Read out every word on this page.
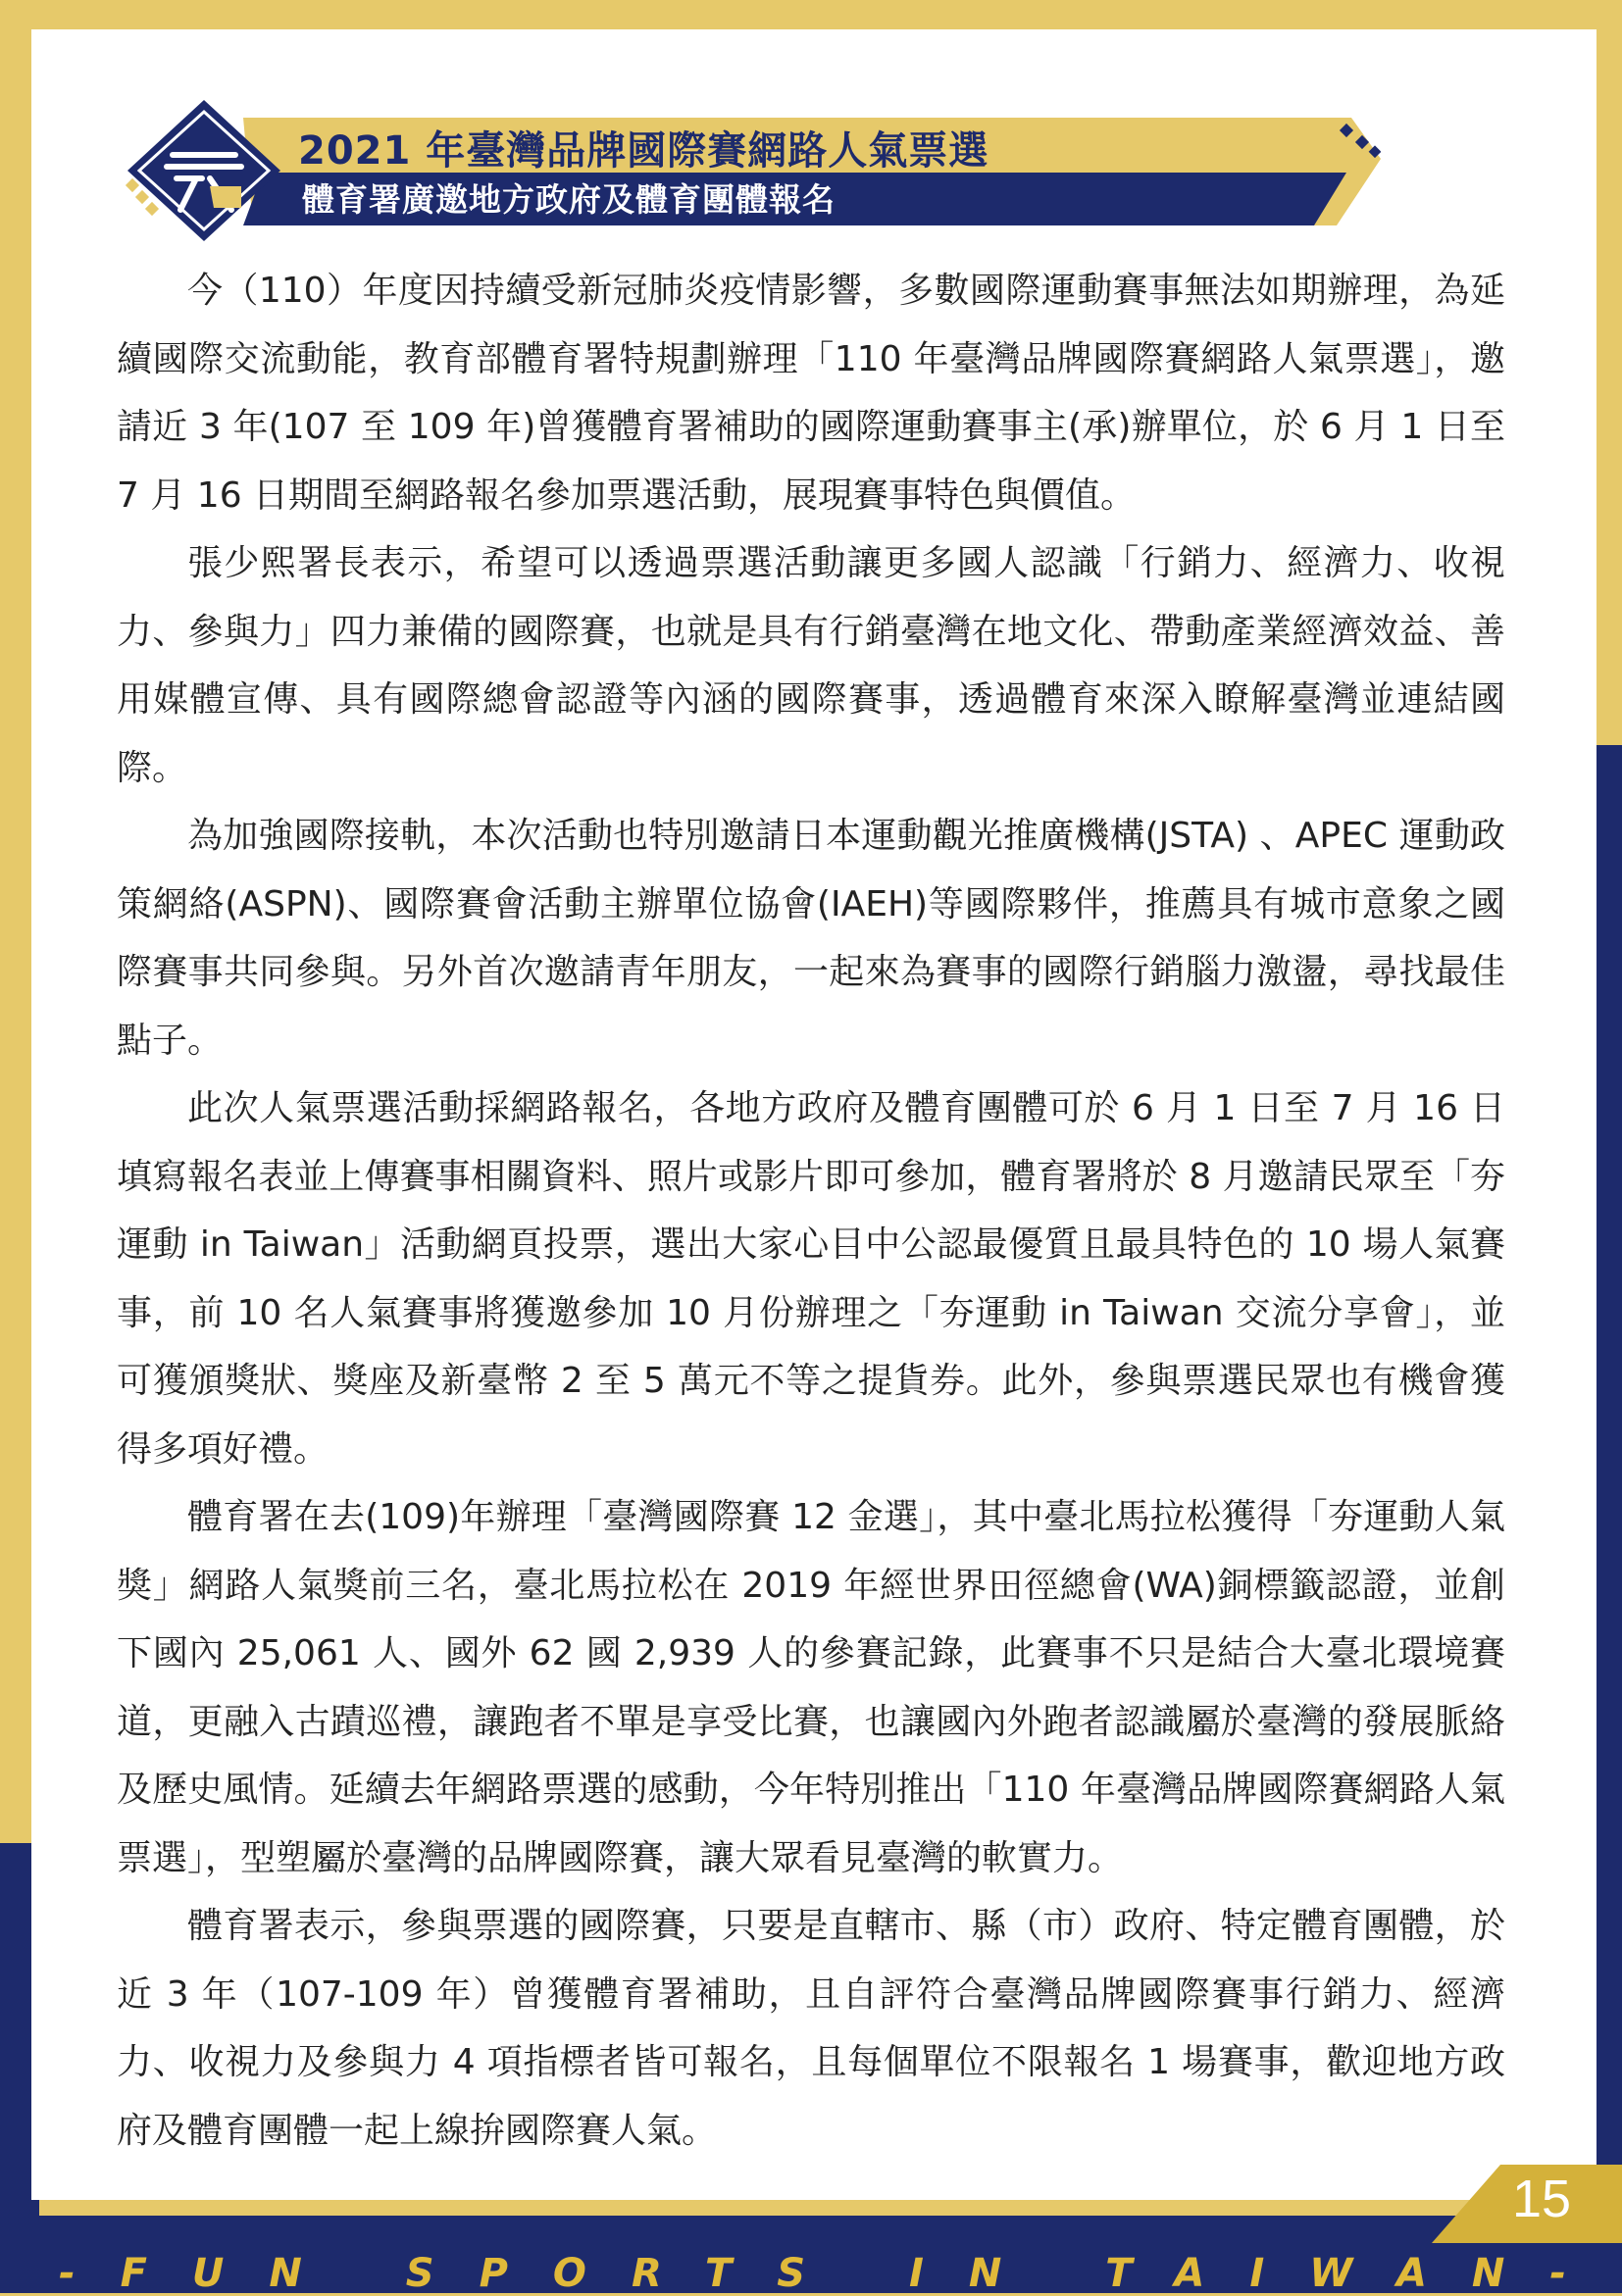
2021 年臺灣品牌國際賽網路人氣票選
體育署廣邀地方政府及體育團體報名

今（110）年度因持續受新冠肺炎疫情影響，多數國際運動賽事無法如期辦理，為延續國際交流動能，教育部體育署特規劃辦理「110 年臺灣品牌國際賽網路人氣票選」，邀請近 3 年(107 至 109 年)曾獲體育署補助的國際運動賽事主(承)辦單位，於 6 月 1 日至 7 月 16 日期間至網路報名參加票選活動，展現賽事特色與價值。

張少熙署長表示，希望可以透過票選活動讓更多國人認識「行銷力、經濟力、收視力、參與力」四力兼備的國際賽，也就是具有行銷臺灣在地文化、帶動產業經濟效益、善用媒體宣傳、具有國際總會認證等內涵的國際賽事，透過體育來深入瞭解臺灣並連結國際。

為加強國際接軌，本次活動也特別邀請日本運動觀光推廣機構(JSTA) 、APEC 運動政策網絡(ASPN)、國際賽會活動主辦單位協會(IAEH)等國際夥伴，推薦具有城市意象之國際賽事共同參與。另外首次邀請青年朋友，一起來為賽事的國際行銷腦力激盪，尋找最佳點子。

此次人氣票選活動採網路報名，各地方政府及體育團體可於 6 月 1 日至 7 月 16 日填寫報名表並上傳賽事相關資料、照片或影片即可參加，體育署將於 8 月邀請民眾至「夯運動 in Taiwan」活動網頁投票，選出大家心目中公認最優質且最具特色的 10 場人氣賽事，前 10 名人氣賽事將獲邀參加 10 月份辦理之「夯運動 in Taiwan 交流分享會」，並可獲頒獎狀、獎座及新臺幣 2 至 5 萬元不等之提貨券。此外，參與票選民眾也有機會獲得多項好禮。

體育署在去(109)年辦理「臺灣國際賽 12 金選」，其中臺北馬拉松獲得「夯運動人氣獎」網路人氣獎前三名，臺北馬拉松在 2019 年經世界田徑總會(WA)銅標籤認證，並創下國內 25,061 人、國外 62 國 2,939 人的參賽記錄，此賽事不只是結合大臺北環境賽道，更融入古蹟巡禮，讓跑者不單是享受比賽，也讓國內外跑者認識屬於臺灣的發展脈絡及歷史風情。延續去年網路票選的感動，今年特別推出「110 年臺灣品牌國際賽網路人氣票選」，型塑屬於臺灣的品牌國際賽，讓大眾看見臺灣的軟實力。

體育署表示，參與票選的國際賽，只要是直轄市、縣（市）政府、特定體育團體，於近 3 年（107-109 年）曾獲體育署補助，且自評符合臺灣品牌國際賽事行銷力、經濟力、收視力及參與力 4 項指標者皆可報名，且每個單位不限報名 1 場賽事，歡迎地方政府及體育團體一起上線拚國際賽人氣。

-FUN SPORTS IN TAIWAN-
15
